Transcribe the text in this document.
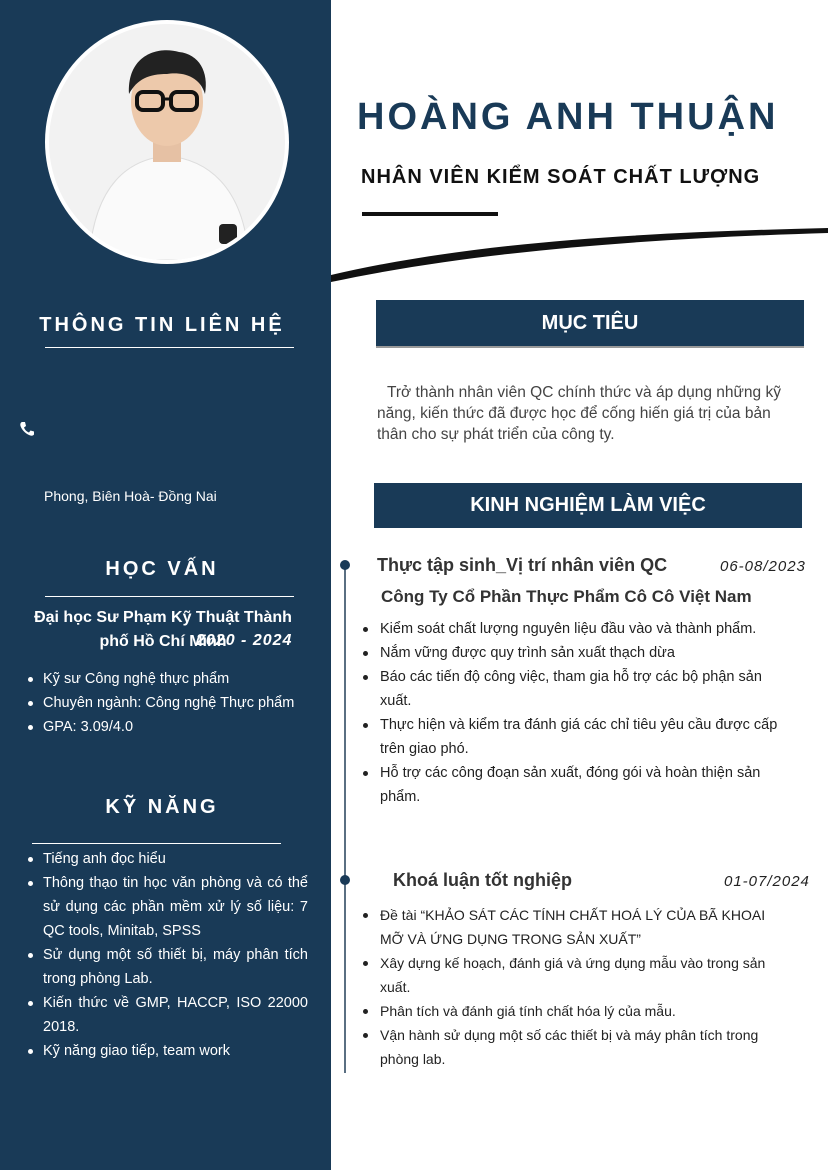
THÔNG TIN LIÊN HỆ
Phong, Biên Hoà- Đồng Nai
HỌC VẤN
Đại học Sư Phạm Kỹ Thuật Thành phố Hồ Chí Minh
2020 - 2024
Kỹ sư Công nghệ thực phẩm
Chuyên ngành: Công nghệ Thực phẩm
GPA: 3.09/4.0
KỸ NĂNG
Tiếng anh đọc hiểu
Thông thạo tin học văn phòng và có thể sử dụng các phần mềm xử lý số liệu: 7 QC tools, Minitab, SPSS
Sử dụng một số thiết bị, máy phân tích trong phòng Lab.
Kiến thức về GMP, HACCP, ISO 22000 2018.
Kỹ năng giao tiếp, team work
HOÀNG ANH THUẬN
NHÂN VIÊN KIỂM SOÁT CHẤT LƯỢNG
MỤC TIÊU
Trở thành nhân viên QC chính thức và áp dụng những kỹ năng, kiến thức đã được học để cống hiến giá trị của bản thân cho sự phát triển của công ty.
KINH NGHIỆM LÀM VIỆC
Thực tập sinh_Vị trí nhân viên QC	06-08/2023
Công Ty Cổ Phần Thực Phẩm Cô Cô Việt Nam
Kiểm soát chất lượng nguyên liệu đầu vào và thành phẩm.
Nắm vững được quy trình sản xuất thạch dừa
Báo các tiến độ công việc, tham gia hỗ trợ các bộ phận sản xuất.
Thực hiện và kiểm tra đánh giá các chỉ tiêu yêu cầu được cấp trên giao phó.
Hỗ trợ các công đoạn sản xuất, đóng gói và hoàn thiện sản phẩm.
Khoá luận tốt nghiệp	01-07/2024
Đề tài “KHẢO SÁT CÁC TÍNH CHẤT HOÁ LÝ CỦA BÃ KHOAI MỠ VÀ ỨNG DỤNG TRONG SẢN XUẤT”
Xây dựng kế hoạch, đánh giá và ứng dụng mẫu vào trong sản xuất.
Phân tích và đánh giá tính chất hóa lý của mẫu.
Vận hành sử dụng một số các thiết bị và máy phân tích trong phòng lab.
